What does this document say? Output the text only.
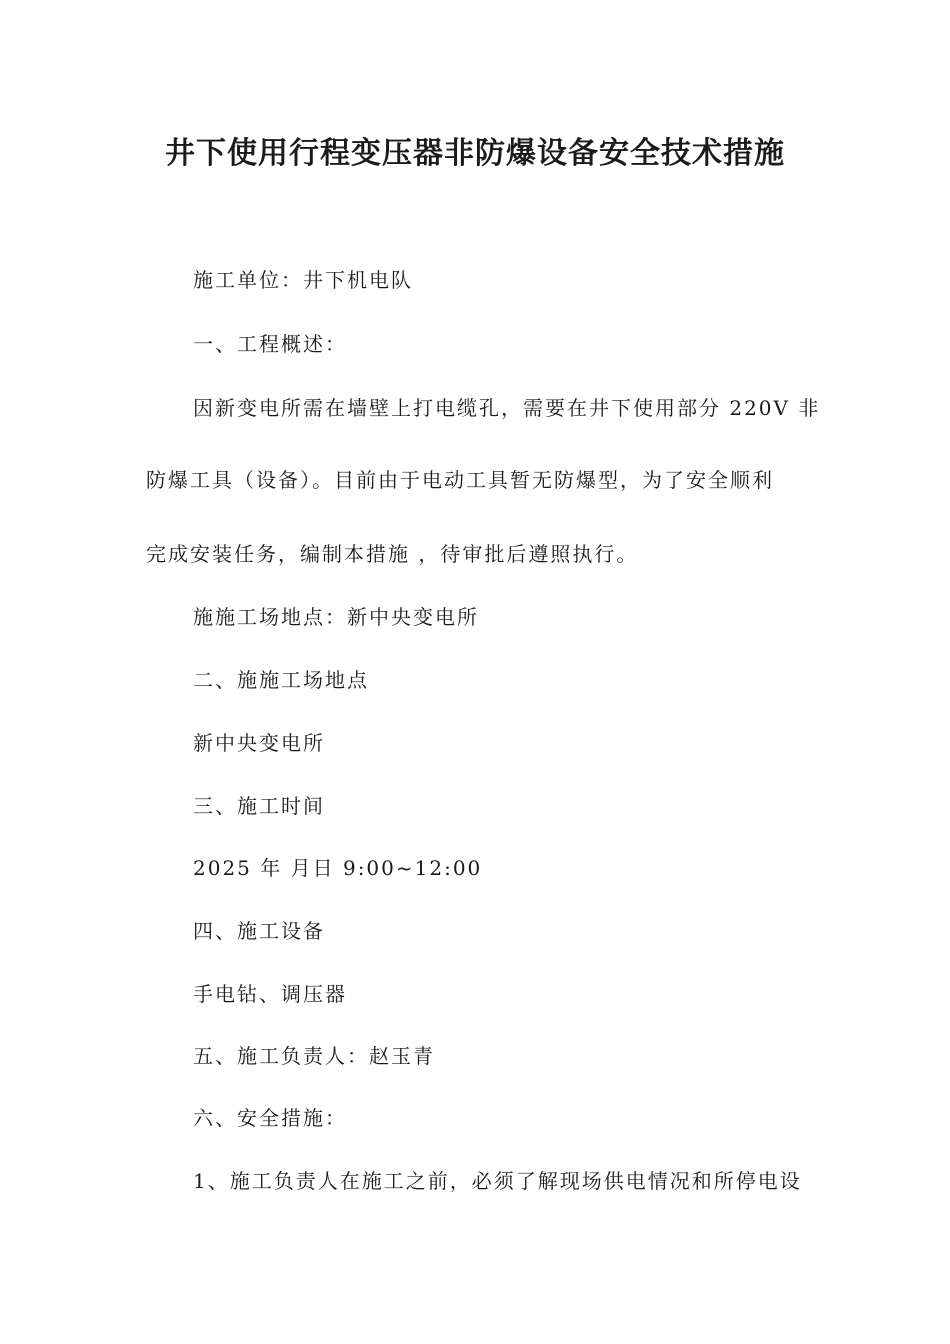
井下使用行程变压器非防爆设备安全技术措施
施工单位：井下机电队
一、工程概述：
因新变电所需在墙壁上打电缆孔，需要在井下使用部分 220V 非
防爆工具（设备）。目前由于电动工具暂无防爆型，为了安全顺利
完成安装任务，编制本措施 ，待审批后遵照执行。
施施工场地点：新中央变电所
二、施施工场地点
新中央变电所
三、施工时间
2025 年 月日 9:00~12:00
四、施工设备
手电钻、调压器
五、施工负责人：赵玉青
六、安全措施：
1、施工负责人在施工之前，必须了解现场供电情况和所停电设
